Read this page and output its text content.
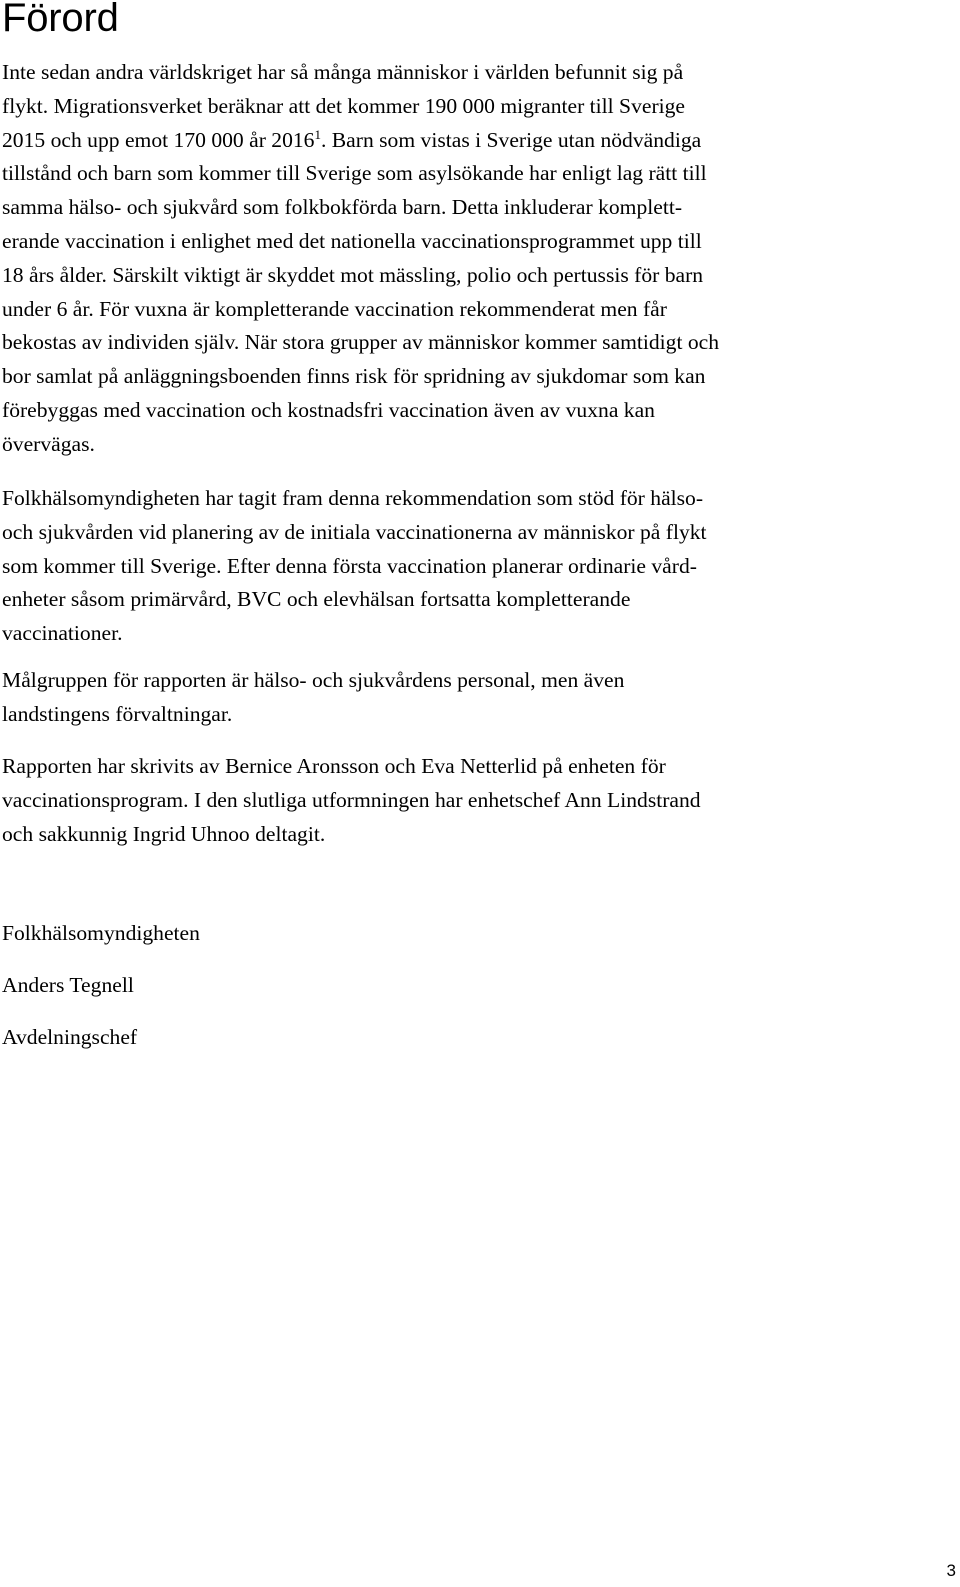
Förord

Inte sedan andra världskriget har så många människor i världen befunnit sig på
flykt. Migrationsverket beräknar att det kommer 190 000 migranter till Sverige
2015 och upp emot 170 000 år 2016$^1$. Barn som vistas i Sverige utan nödvändiga
tillstånd och barn som kommer till Sverige som asylsökande har enligt lag rätt till
samma hälso- och sjukvård som folkbokförda barn. Detta inkluderar komplett-
erande vaccination i enlighet med det nationella vaccinationsprogrammet upp till
18 års ålder. Särskilt viktigt är skyddet mot mässling, polio och pertussis för barn
under 6 år. För vuxna är kompletterande vaccination rekommenderat men får
bekostas av individen själv. När stora grupper av människor kommer samtidigt och
bor samlat på anläggningsboenden finns risk för spridning av sjukdomar som kan
förebyggas med vaccination och kostnadsfri vaccination även av vuxna kan
övervägas.

Folkhälsomyndigheten har tagit fram denna rekommendation som stöd för hälso-
och sjukvården vid planering av de initiala vaccinationerna av människor på flykt
som kommer till Sverige. Efter denna första vaccination planerar ordinarie vård-
enheter såsom primärvård, BVC och elevhälsan fortsatta kompletterande
vaccinationer.

Målgruppen för rapporten är hälso- och sjukvårdens personal, men även
landstingens förvaltningar.

Rapporten har skrivits av Bernice Aronsson och Eva Netterlid på enheten för
vaccinationsprogram. I den slutliga utformningen har enhetschef Ann Lindstrand
och sakkunnig Ingrid Uhnoo deltagit.

Folkhälsomyndigheten

Anders Tegnell

Avdelningschef

3
